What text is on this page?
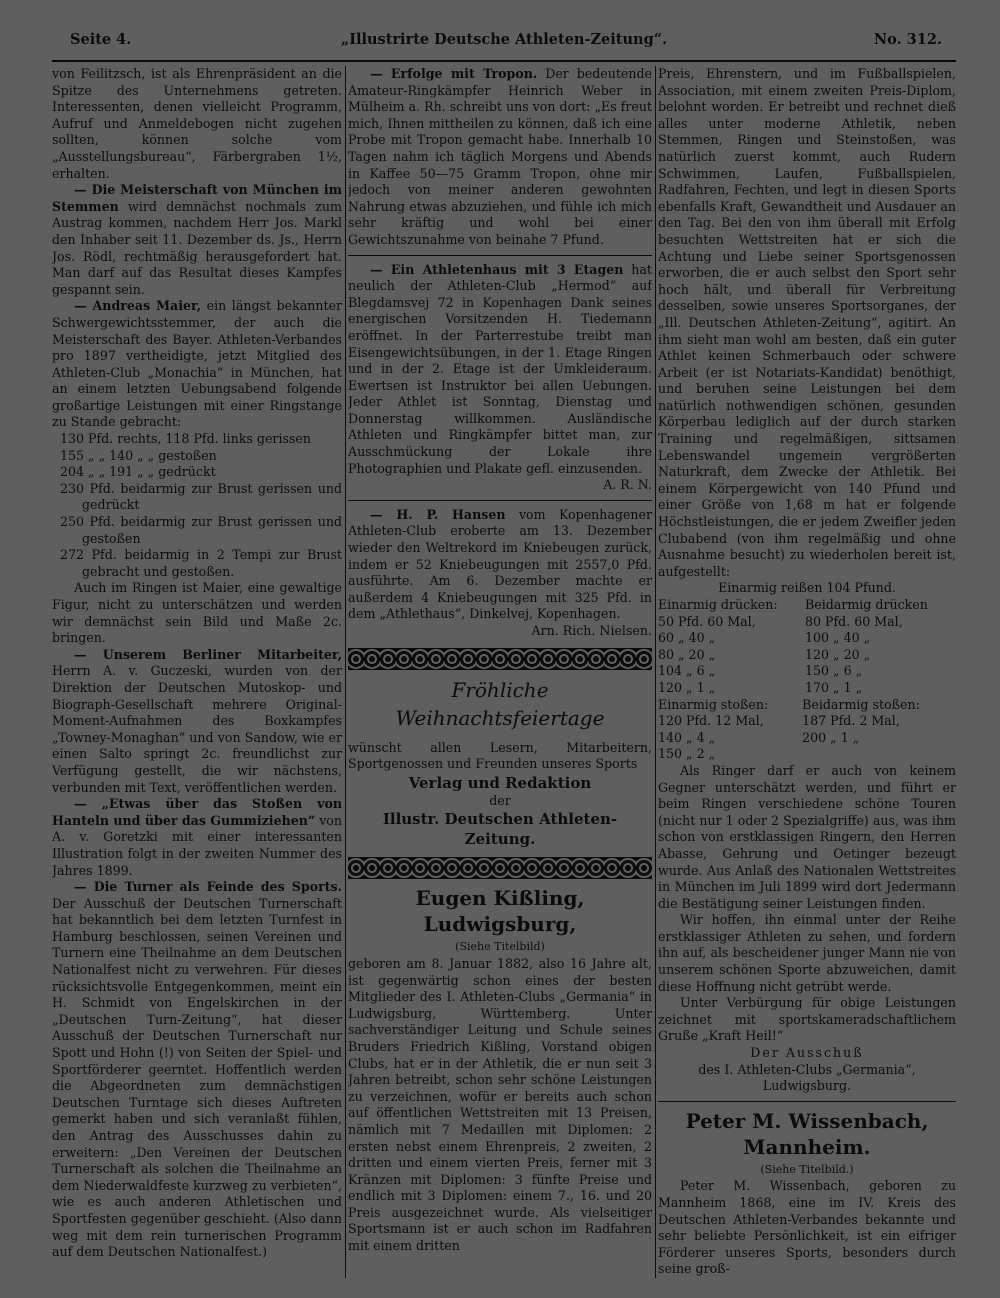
Seite 4.	„Illustrirte Deutsche Athleten-Zeitung“.	No. 312.

von Feilitzsch, ist als Ehrenpräsident an die Spitze des Unternehmens getreten. Interessenten, denen vielleicht Programm, Aufruf und Anmeldebogen nicht zugehen sollten, können solche vom „Ausstellungsbureau“, Färbergraben 1½, erhalten.

— Die Meisterschaft von München im Stemmen wird demnächst nochmals zum Austrag kommen, nachdem Herr Jos. Markl den Inhaber seit 11. Dezember ds. Js., Herrn Jos. Rödl, rechtmäßig herausgefordert hat. Man darf auf das Resultat dieses Kampfes gespannt sein.

— Andreas Maier, ein längst bekannter Schwergewichtsstemmer, der auch die Meisterschaft des Bayer. Athleten-Verbandes pro 1897 vertheidigte, jetzt Mitglied des Athleten-Club „Monachia“ in München, hat an einem letzten Uebungsabend folgende großartige Leistungen mit einer Ringstange zu Stande gebracht:

130 Pfd. rechts, 118 Pfd. links gerissen

155 „ „ 140 „ „ gestoßen

204 „ „ 191 „ „ gedrückt

230 Pfd. beidarmig zur Brust gerissen und gedrückt

250 Pfd. beidarmig zur Brust gerissen und gestoßen

272 Pfd. beidarmig in 2 Tempi zur Brust gebracht und gestoßen.

Auch im Ringen ist Maier, eine gewaltige Figur, nicht zu unterschätzen und werden wir demnächst sein Bild und Maße 2c. bringen.

— Unserem Berliner Mitarbeiter, Herrn A. v. Guczeski, wurden von der Direktion der Deutschen Mutoskop- und Biograph-Gesellschaft mehrere Original-Moment-Aufnahmen des Boxkampfes „Towney-Monaghan“ und von Sandow, wie er einen Salto springt 2c. freundlichst zur Verfügung gestellt, die wir nächstens, verbunden mit Text, veröffentlichen werden.

— „Etwas über das Stoßen von Hanteln und über das Gummiziehen“ von A. v. Goretzki mit einer interessanten Illustration folgt in der zweiten Nummer des Jahres 1899.

— Die Turner als Feinde des Sports. Der Ausschuß der Deutschen Turnerschaft hat bekanntlich bei dem letzten Turnfest in Hamburg beschlossen, seinen Vereinen und Turnern eine Theilnahme an dem Deutschen Nationalfest nicht zu verwehren. Für dieses rücksichtsvolle Entgegenkommen, meint ein H. Schmidt von Engelskirchen in der „Deutschen Turn-Zeitung“, hat dieser Ausschuß der Deutschen Turnerschaft nur Spott und Hohn (!) von Seiten der Spiel- und Sportförderer geerntet. Hoffentlich werden die Abgeordneten zum demnächstigen Deutschen Turntage sich dieses Auftreten gemerkt haben und sich veranlaßt fühlen, den Antrag des Ausschusses dahin zu erweitern: „Den Vereinen der Deutschen Turnerschaft als solchen die Theilnahme an dem Niederwaldfeste kurzweg zu verbieten“, wie es auch anderen Athletischen und Sportfesten gegenüber geschieht. (Also dann weg mit dem rein turnerischen Programm auf dem Deutschen Nationalfest.)

— Erfolge mit Tropon. Der bedeutende Amateur-Ringkämpfer Heinrich Weber in Mülheim a. Rh. schreibt uns von dort: „Es freut mich, Ihnen mittheilen zu können, daß ich eine Probe mit Tropon gemacht habe. Innerhalb 10 Tagen nahm ich täglich Morgens und Abends in Kaffee 50—75 Gramm Tropon, ohne mir jedoch von meiner anderen gewohnten Nahrung etwas abzuziehen, und fühle ich mich sehr kräftig und wohl bei einer Gewichtszunahme von beinahe 7 Pfund.

— Ein Athletenhaus mit 3 Etagen hat neulich der Athleten-Club „Hermod“ auf Blegdamsvej 72 in Kopenhagen Dank seines energischen Vorsitzenden H. Tiedemann eröffnet. In der Parterrestube treibt man Eisengewichtsübungen, in der 1. Etage Ringen und in der 2. Etage ist der Umkleideraum. Ewertsen ist Instruktor bei allen Uebungen. Jeder Athlet ist Sonntag, Dienstag und Donnerstag willkommen. Ausländische Athleten und Ringkämpfer bittet man, zur Ausschmückung der Lokale ihre Photographien und Plakate gefl. einzusenden.

A. R. N.

— H. P. Hansen vom Kopenhagener Athleten-Club eroberte am 13. Dezember wieder den Weltrekord im Kniebeugen zurück, indem er 52 Kniebeugungen mit 2557,0 Pfd. ausführte. Am 6. Dezember machte er außerdem 4 Kniebeugungen mit 325 Pfd. in dem „Athlethaus“, Dinkelvej, Kopenhagen.

Arn. Rich. Nielsen.

Fröhliche Weihnachtsfeiertage

wünscht allen Lesern, Mitarbeitern, Sportgenossen und Freunden unseres Sports

Verlag und Redaktion
der
Illustr. Deutschen Athleten-Zeitung.
Eugen Kißling, Ludwigsburg,
(Siehe Titelbild)

geboren am 8. Januar 1882, also 16 Jahre alt, ist gegenwärtig schon eines der besten Mitglieder des I. Athleten-Clubs „Germania“ in Ludwigsburg, Württemberg. Unter sachverständiger Leitung und Schule seines Bruders Friedrich Kißling, Vorstand obigen Clubs, hat er in der Athletik, die er nun seit 3 Jahren betreibt, schon sehr schöne Leistungen zu verzeichnen, wofür er bereits auch schon auf öffentlichen Wettstreiten mit 13 Preisen, nämlich mit 7 Medaillen mit Diplomen: 2 ersten nebst einem Ehrenpreis, 2 zweiten, 2 dritten und einem vierten Preis, ferner mit 3 Kränzen mit Diplomen: 3 fünfte Preise und endlich mit 3 Diplomen: einem 7., 16. und 20 Preis ausgezeichnet wurde. Als vielseitiger Sportsmann ist er auch schon im Radfahren mit einem dritten

Preis, Ehrenstern, und im Fußballspielen, Association, mit einem zweiten Preis-Diplom, belohnt worden. Er betreibt und rechnet dieß alles unter moderne Athletik, neben Stemmen, Ringen und Steinstoßen, was natürlich zuerst kommt, auch Rudern Schwimmen, Laufen, Fußballspielen, Radfahren, Fechten, und legt in diesen Sports ebenfalls Kraft, Gewandtheit und Ausdauer an den Tag. Bei den von ihm überall mit Erfolg besuchten Wettstreiten hat er sich die Achtung und Liebe seiner Sportsgenossen erworben, die er auch selbst den Sport sehr hoch hält, und überall für Verbreitung desselben, sowie unseres Sportsorganes, der „Ill. Deutschen Athleten-Zeitung“, agitirt. An ihm sieht man wohl am besten, daß ein guter Athlet keinen Schmerbauch oder schwere Arbeit (er ist Notariats-Kandidat) benöthigt, und beruhen seine Leistungen bei dem natürlich nothwendigen schönen, gesunden Körperbau lediglich auf der durch starken Training und regelmäßigen, sittsamen Lebenswandel ungemein vergrößerten Naturkraft, dem Zwecke der Athletik. Bei einem Körpergewicht von 140 Pfund und einer Größe von 1,68 m hat er folgende Höchstleistungen, die er jedem Zweifler jeden Clubabend (von ihm regelmäßig und ohne Ausnahme besucht) zu wiederholen bereit ist, aufgestellt:

Einarmig reißen 104 Pfund.
Einarmig drücken:	Beidarmig drücken
50 Pfd. 60 Mal,	80 Pfd. 60 Mal,
60 „ 40 „	100 „ 40 „
80 „ 20 „	120 „ 20 „
104 „ 6 „	150 „ 6 „
120 „ 1 „	170 „ 1 „
Einarmig stoßen:	Beidarmig stoßen:
120 Pfd. 12 Mal,	187 Pfd. 2 Mal,
140 „ 4 „	200 „ 1 „
150 „ 2 „	

Als Ringer darf er auch von keinem Gegner unterschätzt werden, und führt er beim Ringen verschiedene schöne Touren (nicht nur 1 oder 2 Spezialgriffe) aus, was ihm schon von erstklassigen Ringern, den Herren Abasse, Gehrung und Oetinger bezeugt wurde. Aus Anlaß des Nationalen Wettstreites in München im Juli 1899 wird dort Jedermann die Bestätigung seiner Leistungen finden.

Wir hoffen, ihn einmal unter der Reihe erstklassiger Athleten zu sehen, und fordern ihn auf, als bescheidener junger Mann nie von unserem schönen Sporte abzuweichen, damit diese Hoffnung nicht getrübt werde.

Unter Verbürgung für obige Leistungen zeichnet mit sportskameradschaftlichem Gruße „Kraft Heil!“

Der Ausschuß
des I. Athleten-Clubs „Germania“,
Ludwigsburg.
Peter M. Wissenbach, Mannheim.
(Siehe Titelbild.)

Peter M. Wissenbach, geboren zu Mannheim 1868, eine im IV. Kreis des Deutschen Athleten-Verbandes bekannte und sehr beliebte Persönlichkeit, ist ein eifriger Förderer unseres Sports, besonders durch seine groß-
